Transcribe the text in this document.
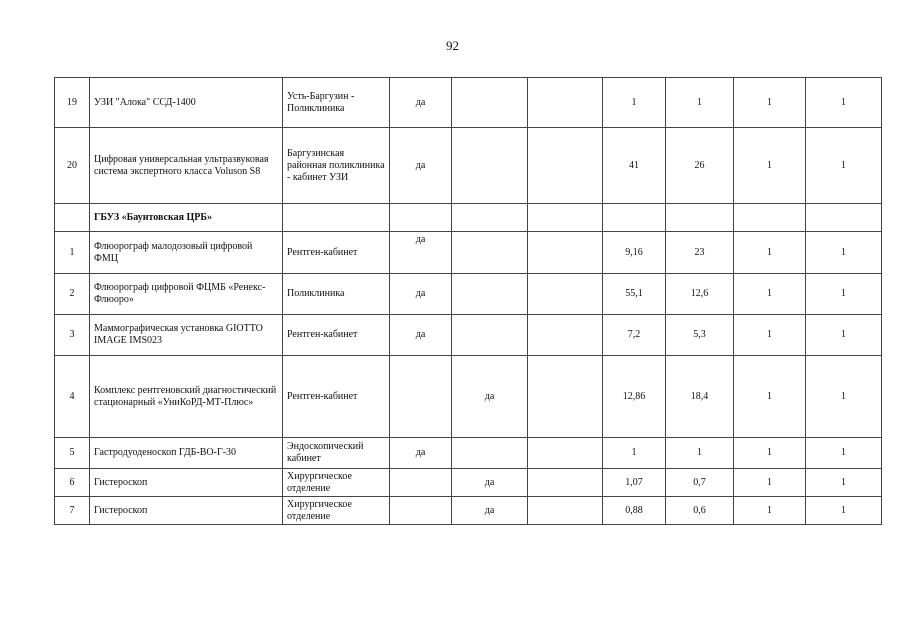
92
19	УЗИ "Алока" ССД-1400	Усть-Баргузин - Поликлиника	да			1	1	1	1
20	Цифровая универсальная ультразвуковая система экспертного класса Voluson S8	Баргузинская районная поликлиника - кабинет УЗИ	да			41	26	1	1
	ГБУЗ «Баунтовская ЦРБ»								
1	Флюорограф малодозовый цифровой ФМЦ	Рентген-кабинет	да			9,16	23	1	1
2	Флюорограф цифровой ФЦМБ «Ренекс-Флюоро»	Поликлиника	да			55,1	12,6	1	1
3	Маммографическая установка GIOTTO IMAGE IMS023	Рентген-кабинет	да			7,2	5,3	1	1
4	Комплекс рентгеновский диагностический стационарный «УниКоРД-МТ-Плюс»	Рентген-кабинет		да		12,86	18,4	1	1
5	Гастродуоденоскоп ГДБ-ВО-Г-30	Эндоскопический кабинет	да			1	1	1	1
6	Гистероскоп	Хирургическое отделение		да		1,07	0,7	1	1
7	Гистероскоп	Хирургическое отделение		да		0,88	0,6	1	1
